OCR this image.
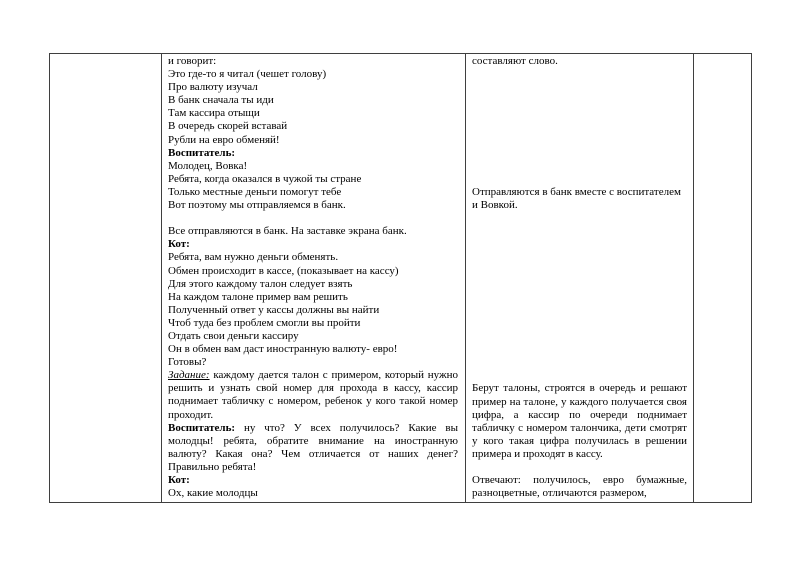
и говорит:
Это где-то я читал (чешет голову)
Про валюту изучал
В банк сначала ты иди
Там кассира отыщи
В очередь скорей вставай
Рубли на евро обменяй!
Воспитатель:
Молодец, Вовка!
Ребята, когда оказался в чужой ты стране
Только местные деньги помогут тебе
Вот поэтому мы отправляемся в банк.

Все отправляются в банк. На заставке экрана банк.
Кот:
Ребята, вам нужно деньги обменять.
Обмен происходит в кассе, (показывает на кассу)
Для этого каждому талон следует взять
На каждом талоне пример вам решить
Полученный ответ у кассы должны вы найти
Чтоб туда без проблем смогли вы пройти
Отдать свои деньги кассиру
Он в обмен вам даст иностранную валюту- евро!
Готовы?
Задание: каждому дается талон с примером, который нужно решить и узнать свой номер для прохода в кассу, кассир поднимает табличку с номером, ребенок у кого такой номер проходит.
Воспитатель: ну что? У всех получилось? Какие вы молодцы! ребята, обратите внимание на иностранную валюту? Какая она? Чем отличается от наших денег? Правильно ребята!
Кот:
Ох, какие молодцы
составляют слово.
Отправляются в банк вместе с воспитателем и Вовкой.
Берут талоны, строятся в очередь и решают пример на талоне, у каждого получается своя цифра, а кассир по очереди поднимает табличку с номером талончика, дети смотрят у кого такая цифра получилась в решении примера и проходят в кассу.
Отвечают: получилось, евро бумажные, разноцветные, отличаются размером,
